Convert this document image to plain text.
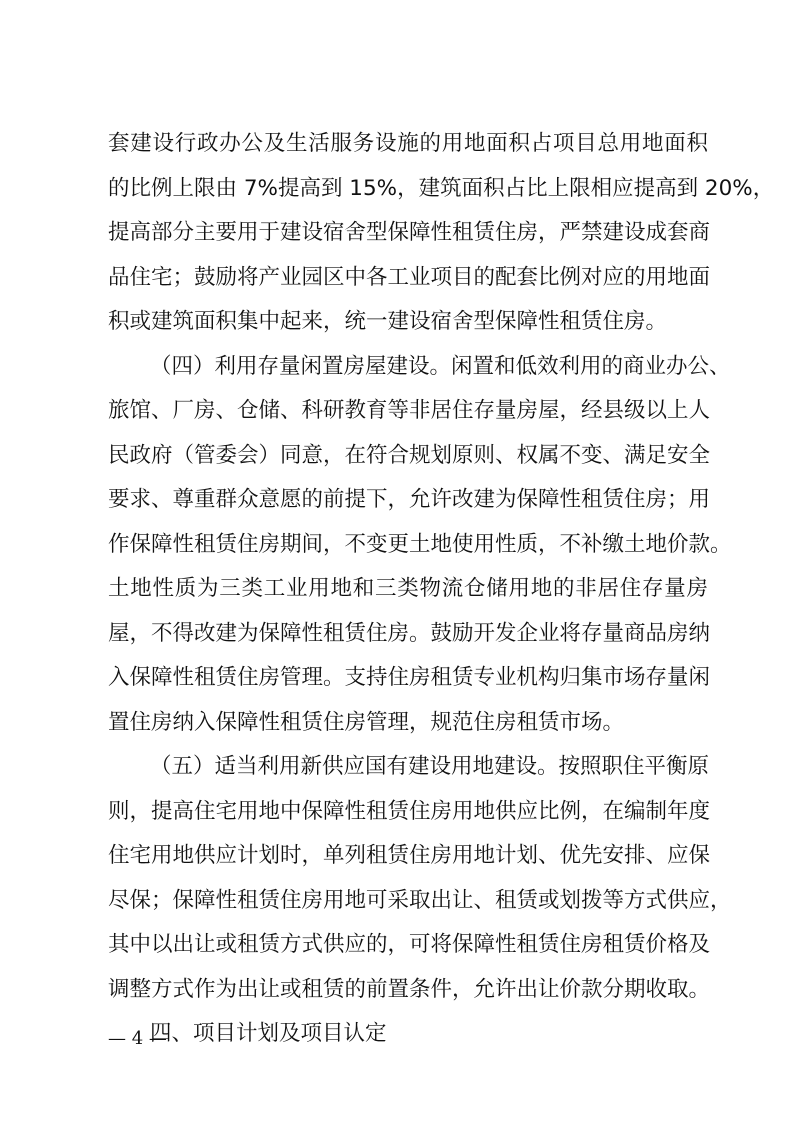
套建设行政办公及生活服务设施的用地面积占项目总用地面积
的比例上限由 7%提高到 15%，建筑面积占比上限相应提高到 20%，
提高部分主要用于建设宿舍型保障性租赁住房，严禁建设成套商
品住宅；鼓励将产业园区中各工业项目的配套比例对应的用地面
积或建筑面积集中起来，统一建设宿舍型保障性租赁住房。
（四）利用存量闲置房屋建设。闲置和低效利用的商业办公、
旅馆、厂房、仓储、科研教育等非居住存量房屋，经县级以上人
民政府（管委会）同意，在符合规划原则、权属不变、满足安全
要求、尊重群众意愿的前提下，允许改建为保障性租赁住房；用
作保障性租赁住房期间，不变更土地使用性质，不补缴土地价款。
土地性质为三类工业用地和三类物流仓储用地的非居住存量房
屋，不得改建为保障性租赁住房。鼓励开发企业将存量商品房纳
入保障性租赁住房管理。支持住房租赁专业机构归集市场存量闲
置住房纳入保障性租赁住房管理，规范住房租赁市场。
（五）适当利用新供应国有建设用地建设。按照职住平衡原
则，提高住宅用地中保障性租赁住房用地供应比例，在编制年度
住宅用地供应计划时，单列租赁住房用地计划、优先安排、应保
尽保；保障性租赁住房用地可采取出让、租赁或划拨等方式供应，
其中以出让或租赁方式供应的，可将保障性租赁住房租赁价格及
调整方式作为出让或租赁的前置条件，允许出让价款分期收取。
四、项目计划及项目认定
— 4 —
